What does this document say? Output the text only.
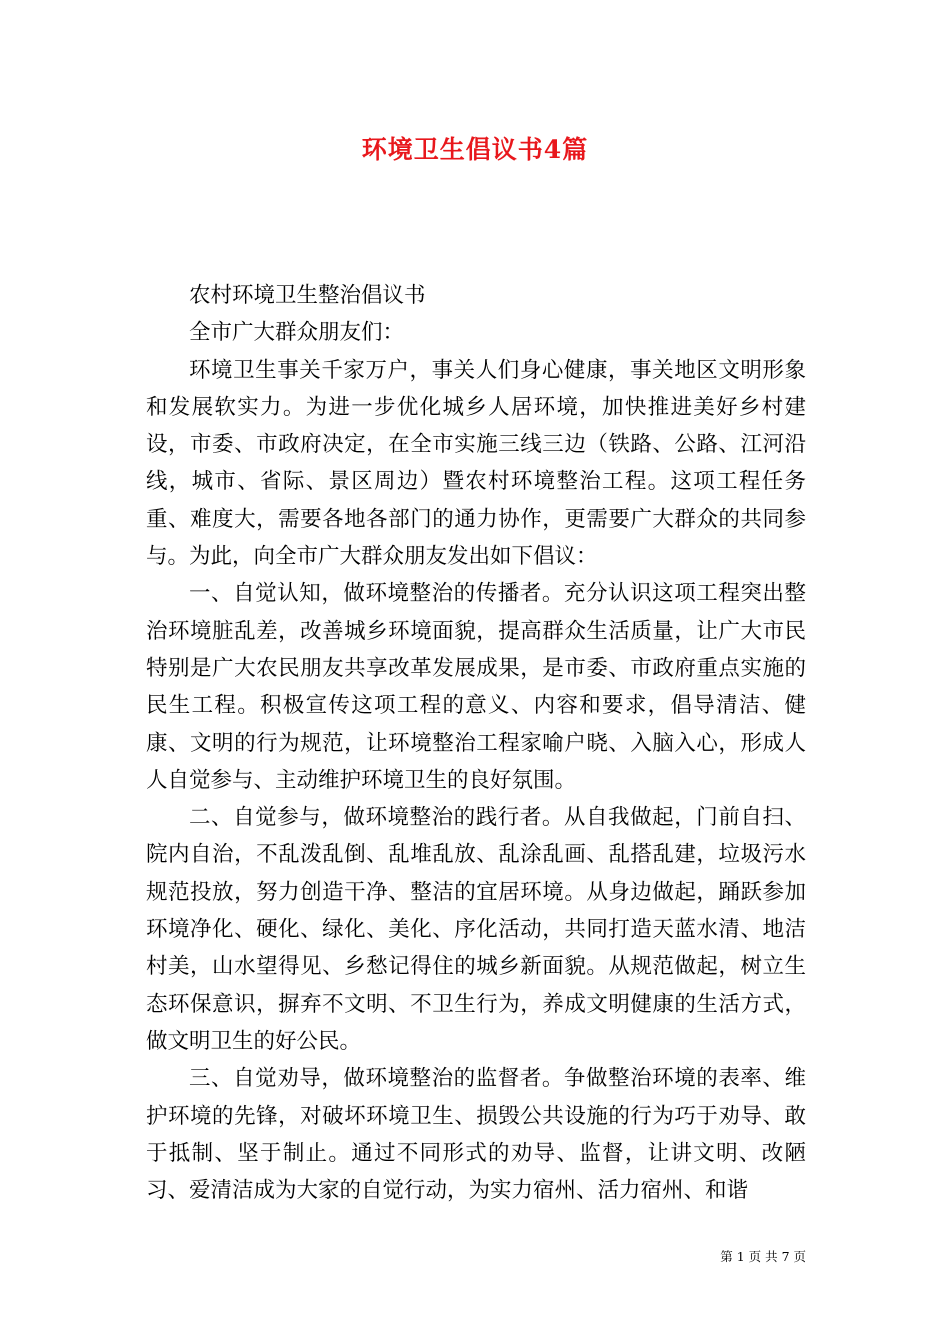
环境卫生倡议书4篇

农村环境卫生整治倡议书

全市广大群众朋友们：

环境卫生事关千家万户，事关人们身心健康，事关地区文明形象和发展软实力。为进一步优化城乡人居环境，加快推进美好乡村建设，市委、市政府决定，在全市实施三线三边（铁路、公路、江河沿线，城市、省际、景区周边）暨农村环境整治工程。这项工程任务重、难度大，需要各地各部门的通力协作，更需要广大群众的共同参与。为此，向全市广大群众朋友发出如下倡议：

一、自觉认知，做环境整治的传播者。充分认识这项工程突出整治环境脏乱差，改善城乡环境面貌，提高群众生活质量，让广大市民特别是广大农民朋友共享改革发展成果，是市委、市政府重点实施的民生工程。积极宣传这项工程的意义、内容和要求，倡导清洁、健康、文明的行为规范，让环境整治工程家喻户晓、入脑入心，形成人人自觉参与、主动维护环境卫生的良好氛围。

二、自觉参与，做环境整治的践行者。从自我做起，门前自扫、院内自治，不乱泼乱倒、乱堆乱放、乱涂乱画、乱搭乱建，垃圾污水规范投放，努力创造干净、整洁的宜居环境。从身边做起，踊跃参加环境净化、硬化、绿化、美化、序化活动，共同打造天蓝水清、地洁村美，山水望得见、乡愁记得住的城乡新面貌。从规范做起，树立生态环保意识，摒弃不文明、不卫生行为，养成文明健康的生活方式，做文明卫生的好公民。

三、自觉劝导，做环境整治的监督者。争做整治环境的表率、维护环境的先锋，对破坏环境卫生、损毁公共设施的行为巧于劝导、敢于抵制、坚于制止。通过不同形式的劝导、监督，让讲文明、改陋习、爱清洁成为大家的自觉行动，为实力宿州、活力宿州、和谐

第 1 页 共 7 页
